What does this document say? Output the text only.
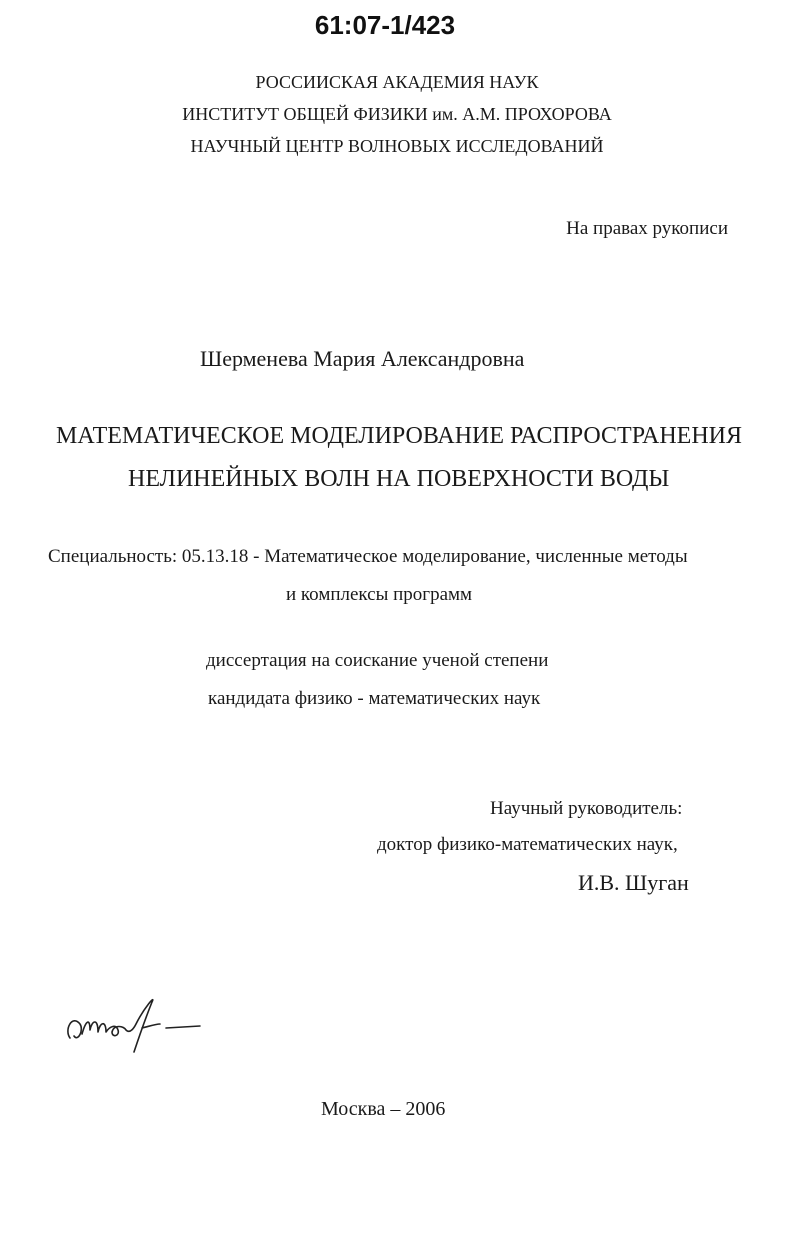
61:07-1/423
РОССИИСКАЯ АКАДЕМИЯ НАУК
ИНСТИТУТ ОБЩЕЙ ФИЗИКИ им. А.М. ПРОХОРОВА
НАУЧНЫЙ ЦЕНТР ВОЛНОВЫХ ИССЛЕДОВАНИЙ
На правах рукописи
Шерменева Мария Александровна
МАТЕМАТИЧЕСКОЕ МОДЕЛИРОВАНИЕ РАСПРОСТРАНЕНИЯ
НЕЛИНЕЙНЫХ ВОЛН НА ПОВЕРХНОСТИ ВОДЫ
Специальность: 05.13.18 - Математическое моделирование, численные методы
и комплексы программ
диссертация на соискание ученой степени
кандидата физико - математических наук
Научный руководитель:
доктор физико-математических наук,
И.В. Шуган
Москва – 2006
